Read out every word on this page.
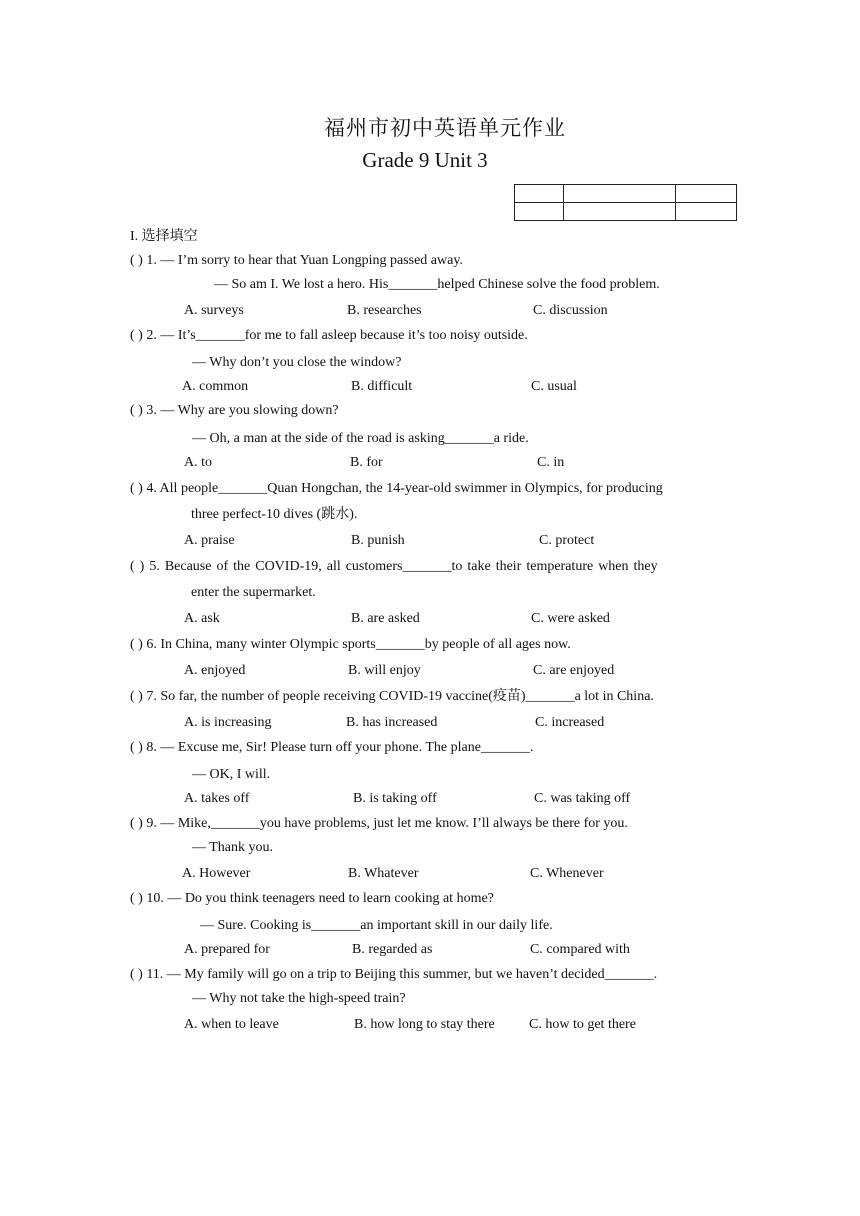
福州市初中英语单元作业
Grade 9 Unit 3

I. 选择填空
( ) 1. — I’m sorry to hear that Yuan Longping passed away.
— So am I. We lost a hero. His_______helped Chinese solve the food problem.
A. surveys	B. researches	C. discussion
( ) 2. — It’s_______for me to fall asleep because it’s too noisy outside.
— Why don’t you close the window?
A. common	B. difficult	C. usual
( ) 3. — Why are you slowing down?
— Oh, a man at the side of the road is asking_______a ride.
A. to	B. for	C. in
( ) 4. All people_______Quan Hongchan, the 14-year-old swimmer in Olympics, for producing
three perfect-10 dives (跳水).
A. praise	B. punish	C. protect
( ) 5. Because of the COVID-19, all customers_______to take their temperature when they
enter the supermarket.
A. ask	B. are asked	C. were asked
( ) 6. In China, many winter Olympic sports_______by people of all ages now.
A. enjoyed	B. will enjoy	C. are enjoyed
( ) 7. So far, the number of people receiving COVID-19 vaccine(疫苗)_______a lot in China.
A. is increasing	B. has increased	C. increased
( ) 8. — Excuse me, Sir! Please turn off your phone. The plane_______.
— OK, I will.
A. takes off	B. is taking off	C. was taking off
( ) 9. — Mike,_______you have problems, just let me know. I’ll always be there for you.
— Thank you.
A. However	B. Whatever	C. Whenever
( ) 10. — Do you think teenagers need to learn cooking at home?
— Sure. Cooking is_______an important skill in our daily life.
A. prepared for	B. regarded as	C. compared with
( ) 11. — My family will go on a trip to Beijing this summer, but we haven’t decided_______.
— Why not take the high-speed train?
A. when to leave	B. how long to stay there C. how to get there
